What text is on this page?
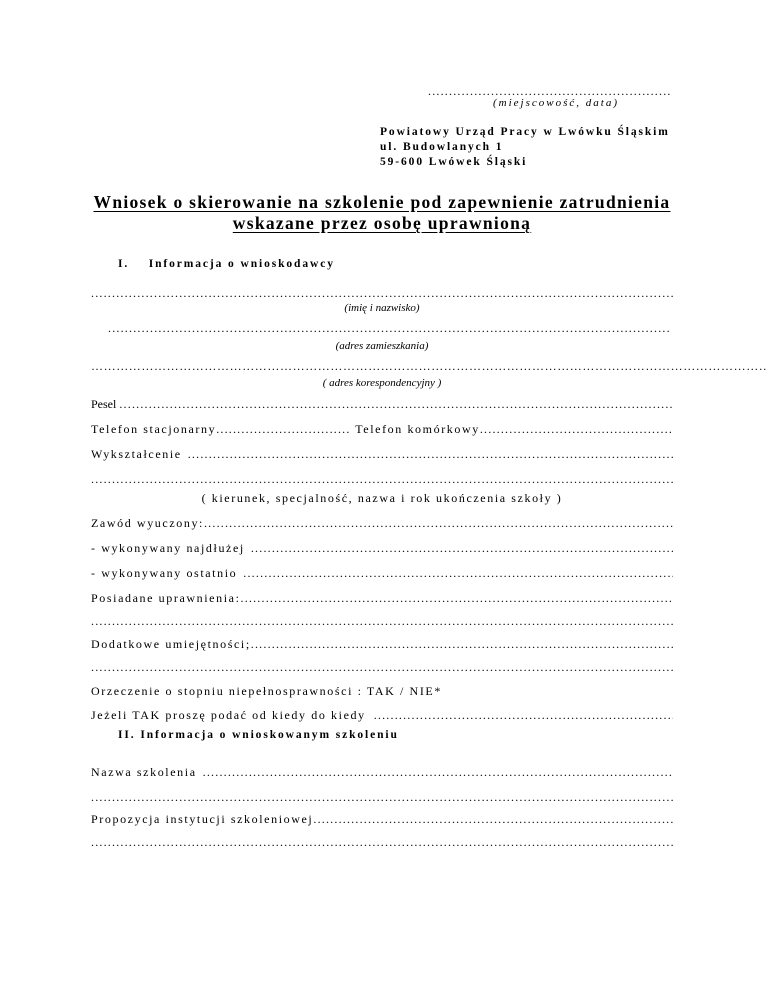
.....
(miejscowość, data)
Powiatowy Urząd Pracy w Lwówku Śląskim
ul. Budowlanych 1
59-600 Lwówek Śląski
Wniosek o skierowanie na szkolenie pod zapewnienie zatrudnienia
wskazane przez osobę uprawnioną
I. Informacja o wnioskodawcy
.....
(imię i nazwisko)
.....
(adres zamieszkania)
………………………………………………………………………………………………………………………………………………………………………………………………………………………
( adres korespondencyjny )
Pesel
.....
Telefon stacjonarny
.....	Telefon komórkowy
.....
Wykształcenie
.....
.....
( kierunek, specjalność, nazwa i rok ukończenia szkoły )
Zawód wyuczony:
.....
- wykonywany najdłużej
.....
- wykonywany ostatnio
.....
Posiadane uprawnienia:
.....
.....
Dodatkowe umiejętności;
.....
.....
Orzeczenie o stopniu niepełnosprawności : TAK / NIE*
Jeżeli TAK proszę podać od kiedy do kiedy
.....
II. Informacja o wnioskowanym szkoleniu
Nazwa szkolenia
.....
.....
Propozycja instytucji szkoleniowej
.....
.....
